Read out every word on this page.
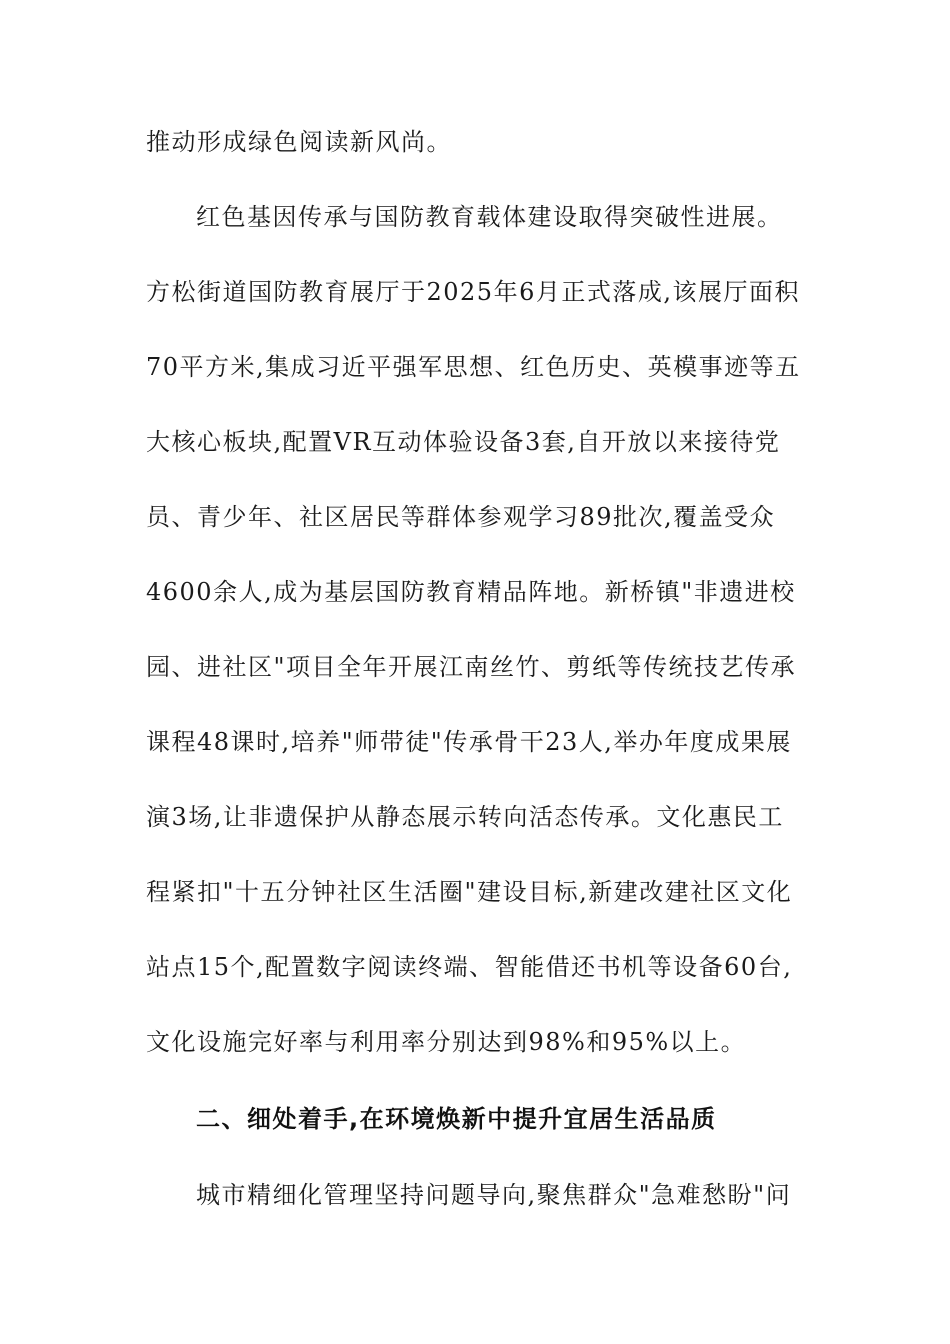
推动形成绿色阅读新风尚。
红色基因传承与国防教育载体建设取得突破性进展。
方松街道国防教育展厅于2025年6月正式落成,该展厅面积
70平方米,集成习近平强军思想、红色历史、英模事迹等五
大核心板块,配置VR互动体验设备3套,自开放以来接待党
员、青少年、社区居民等群体参观学习89批次,覆盖受众
4600余人,成为基层国防教育精品阵地。新桥镇"非遗进校
园、进社区"项目全年开展江南丝竹、剪纸等传统技艺传承
课程48课时,培养"师带徒"传承骨干23人,举办年度成果展
演3场,让非遗保护从静态展示转向活态传承。文化惠民工
程紧扣"十五分钟社区生活圈"建设目标,新建改建社区文化
站点15个,配置数字阅读终端、智能借还书机等设备60台,
文化设施完好率与利用率分别达到98%和95%以上。
二、细处着手,在环境焕新中提升宜居生活品质
城市精细化管理坚持问题导向,聚焦群众"急难愁盼"问
